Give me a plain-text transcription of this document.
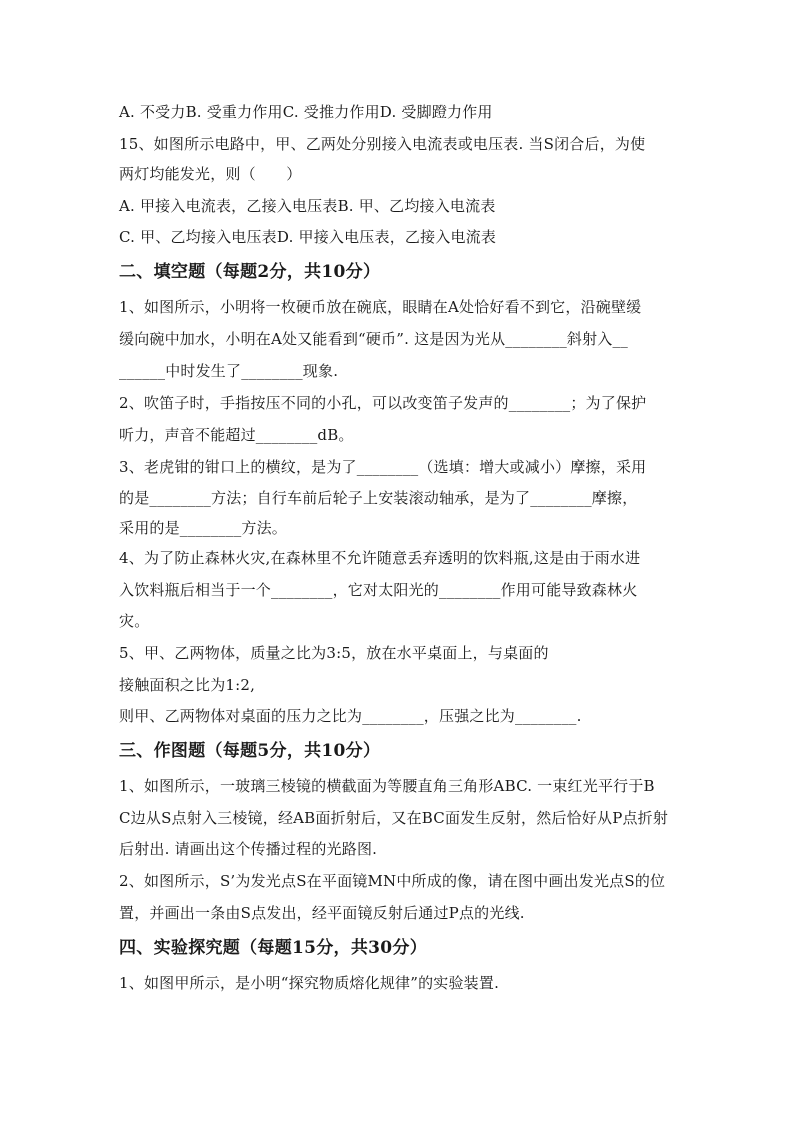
A. 不受力B. 受重力作用C. 受推力作用D. 受脚蹬力作用
15、如图所示电路中，甲、乙两处分别接入电流表或电压表. 当S闭合后，为使
两灯均能发光，则（　　）
A. 甲接入电流表，乙接入电压表B. 甲、乙均接入电流表
C. 甲、乙均接入电压表D. 甲接入电压表，乙接入电流表
二、填空题（每题2分，共10分）
1、如图所示，小明将一枚硬币放在碗底，眼睛在A处恰好看不到它，沿碗壁缓
缓向碗中加水，小明在A处又能看到“硬币”. 这是因为光从________斜射入__
______中时发生了________现象.
2、吹笛子时，手指按压不同的小孔，可以改变笛子发声的________；为了保护
听力，声音不能超过________dB。
3、老虎钳的钳口上的横纹，是为了________（选填：增大或减小）摩擦，采用
的是________方法；自行车前后轮子上安装滚动轴承，是为了________摩擦，
采用的是________方法。
4、为了防止森林火灾,在森林里不允许随意丢弃透明的饮料瓶,这是由于雨水进
入饮料瓶后相当于一个________，它对太阳光的________作用可能导致森林火
灾。
5、甲、乙两物体，质量之比为3:5，放在水平桌面上，与桌面的
接触面积之比为1:2,
则甲、乙两物体对桌面的压力之比为________，压强之比为________.
三、作图题（每题5分，共10分）
1、如图所示，一玻璃三棱镜的横截面为等腰直角三角形ABC. 一束红光平行于B
C边从S点射入三棱镜，经AB面折射后，又在BC面发生反射，然后恰好从P点折射
后射出. 请画出这个传播过程的光路图.
2、如图所示，S’为发光点S在平面镜MN中所成的像，请在图中画出发光点S的位
置，并画出一条由S点发出，经平面镜反射后通过P点的光线.
四、实验探究题（每题15分，共30分）
1、如图甲所示，是小明“探究物质熔化规律”的实验装置.
